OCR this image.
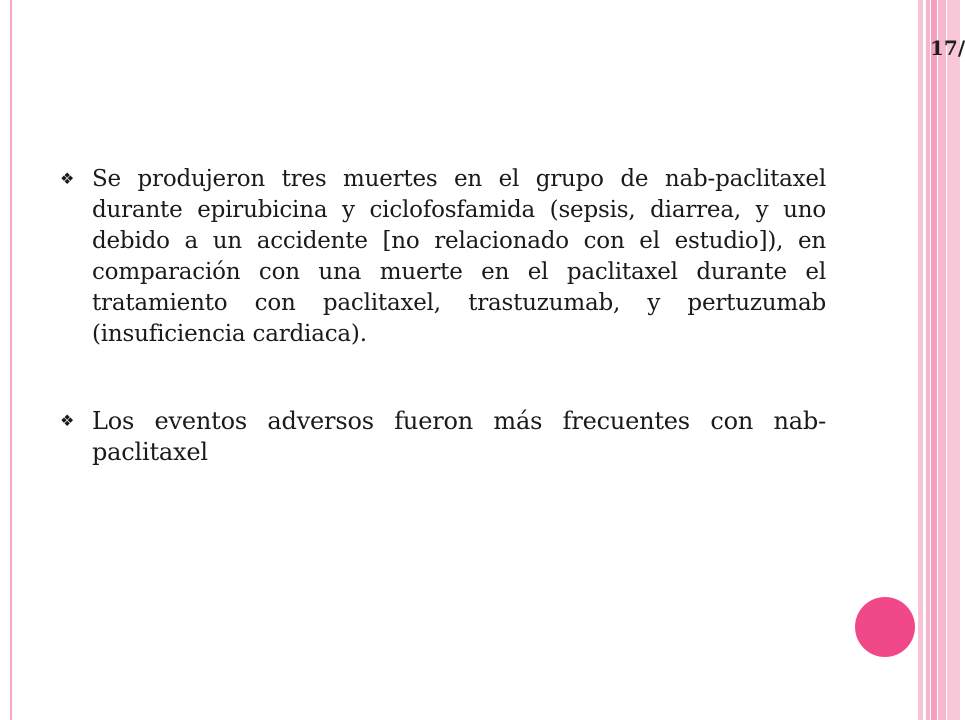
17/
❖ Se produjeron tres muertes en el grupo de nab-paclitaxel durante epirubicina y ciclofosfamida (sepsis, diarrea, y uno debido a un accidente [no relacionado con el estudio]), en comparación con una muerte en el paclitaxel durante el tratamiento con paclitaxel, trastuzumab, y pertuzumab (insuficiencia cardiaca).
❖ Los eventos adversos fueron más frecuentes con nab-paclitaxel
